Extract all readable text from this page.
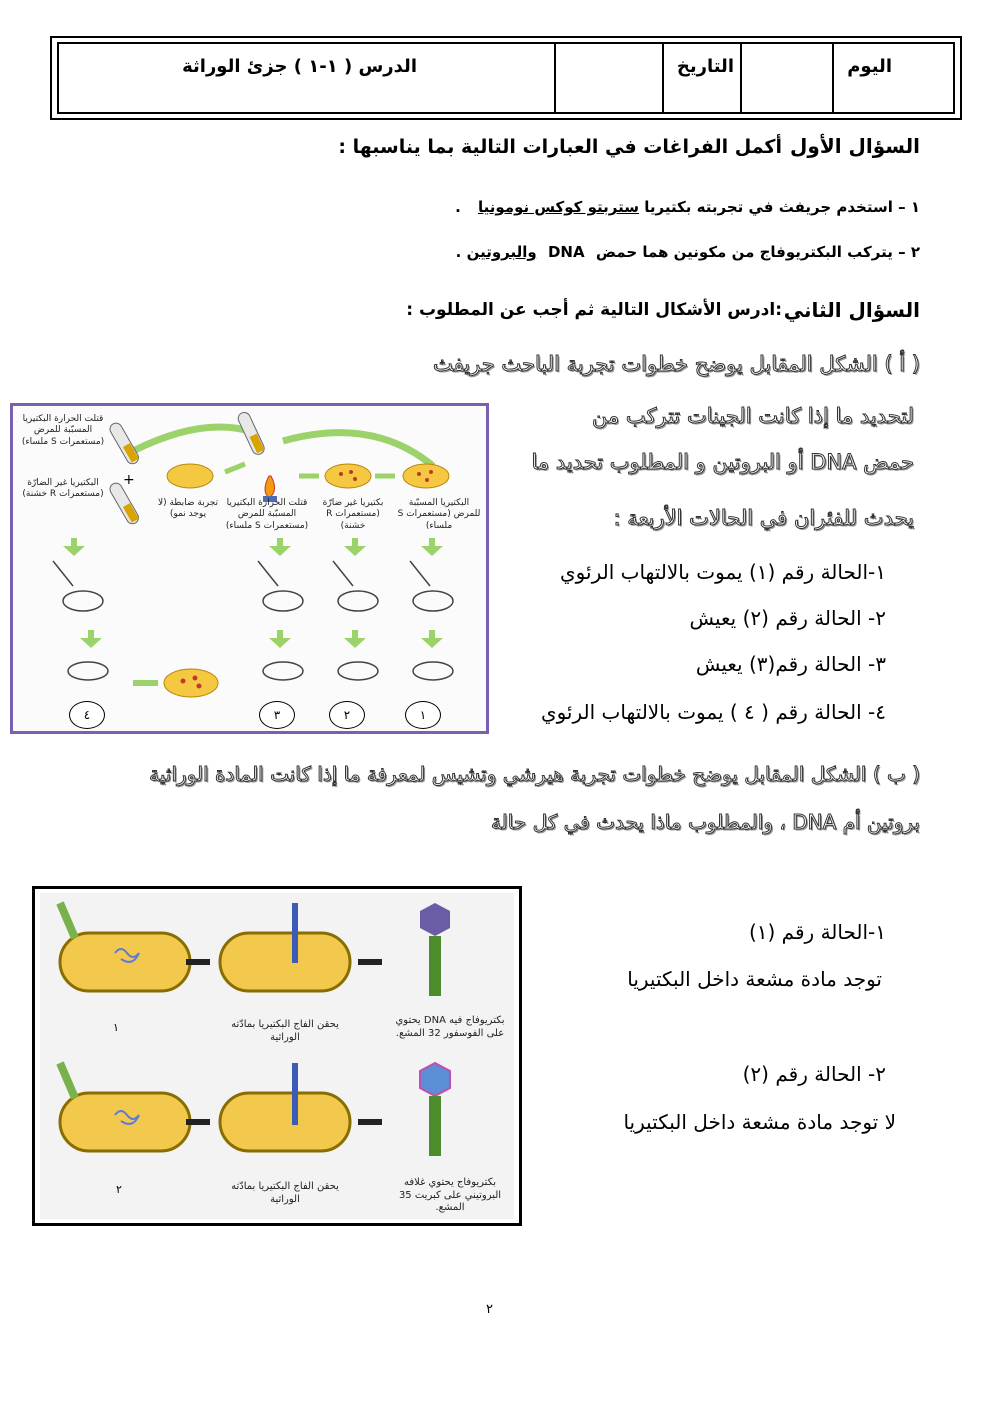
الدرس ( ١-١ ) جزئ الوراثة	التاريخ	اليوم
السؤال الأول
أكمل الفراغات في العبارات التالية بما يناسبها :
١ – استخدم جريفث في تجربته بكتيريا ستربتو كوكس نومونيا .
٢ – يتركب البكتريوفاج من مكونين هما حمض DNA والبروتين .
السؤال الثاني
:ادرس الأشكال التالية ثم أجب عن المطلوب :
( أ ) الشكل المقابل يوضح خطوات تجربة الباحث جريفث
لتحديد ما إذا كانت الجينات تتركب من
حمض DNA أو البروتين و المطلوب تحديد ما
يحدث للفئران في الحالات الأربعة :
١-الحالة رقم (١) يموت بالالتهاب الرئوي
٢- الحالة رقم (٢) يعيش
٣- الحالة رقم(٣) يعيش
٤- الحالة رقم ( ٤ ) يموت بالالتهاب الرئوي
قتلت الحرارة البكتيريا المسبّبة للمرض (مستعمرات S ملساء)
البكتيريا غير الضارّة (مستعمرات R خشنة)
+
البكتيريا المسبّبة للمرض (مستعمرات S ملساء)
بكتيريا غير ضارّة (مستعمرات R خشنة)
قتلت الحرارة البكتيريا المسبّبة للمرض (مستعمرات S ملساء)
تجربة ضابطة (لا يوجد نمو)
١
٢
٣
٤
( ب ) الشكل المقابل يوضح خطوات تجربة هيرشي وتشيس لمعرفة ما إذا كانت المادة الوراثية
بروتين أم DNA ، والمطلوب ماذا يحدث في كل حالة
١-الحالة رقم (١)
توجد مادة مشعة داخل البكتيريا
٢- الحالة رقم (٢)
لا توجد مادة مشعة داخل البكتيريا
بكتريوفاج فيه DNA يحتوي على الفوسفور 32 المشع.
يحقن الفاج البكتيريا بمادّته الوراثية
١
بكتريوفاج يحتوي غلافه البروتيني على كبريت 35 المشع.
يحقن الفاج البكتيريا بمادّته الوراثية
٢
٢
